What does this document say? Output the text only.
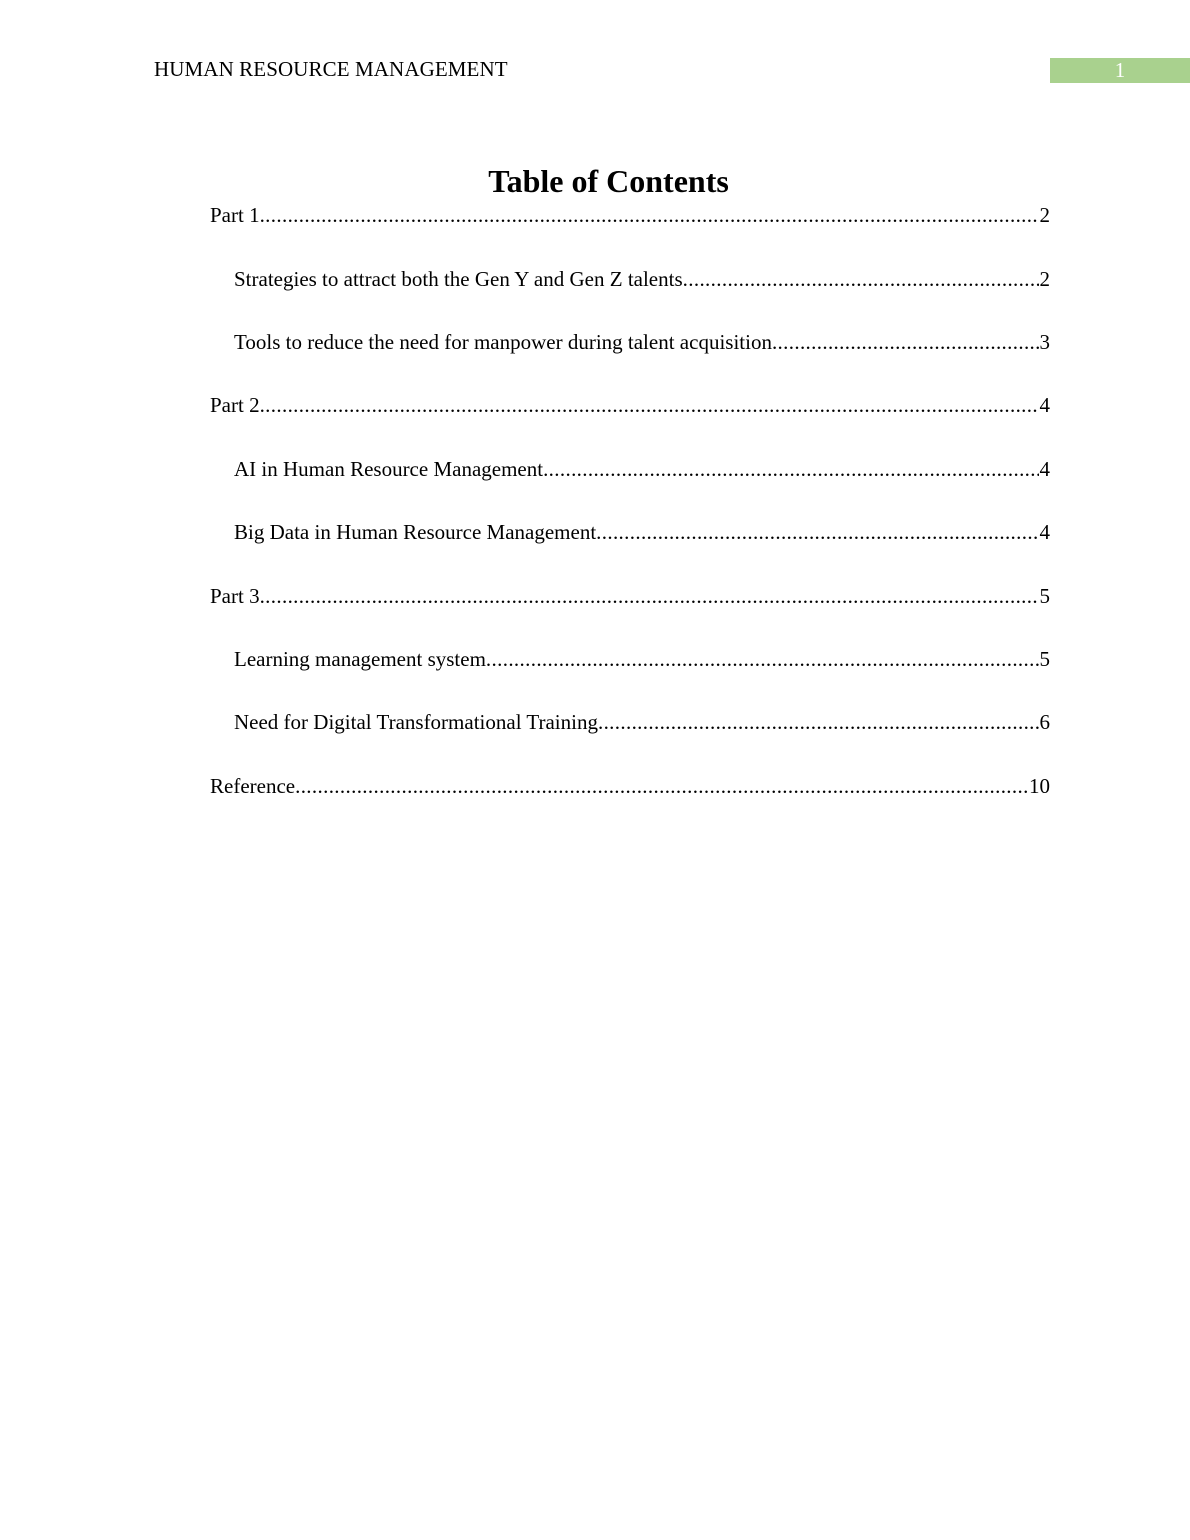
HUMAN RESOURCE MANAGEMENT	1
Table of Contents
Part 1 .....	2
Strategies to attract both the Gen Y and Gen Z talents .....	2
Tools to reduce the need for manpower during talent acquisition .....	3
Part 2 .....	4
AI in Human Resource Management .....	4
Big Data in Human Resource Management .....	4
Part 3 .....	5
Learning management system .....	5
Need for Digital Transformational Training .....	6
Reference .....	10
